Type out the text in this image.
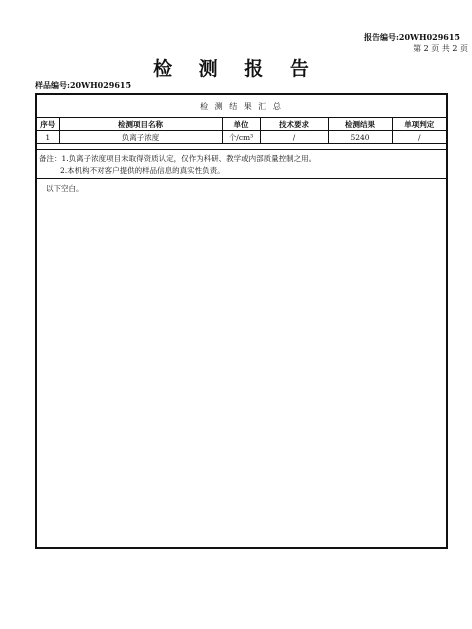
报告编号:20WH029615
第 2 页 共 2 页
检 测 报 告
样品编号:20WH029615
检 测 结 果 汇 总
序号	检测项目名称	单位	技术要求	检测结果	单项判定
1	负离子浓度	个/cm³	/	5240	/
备注：1.负离子浓度项目未取得资质认定，仅作为科研、教学或内部质量控制之用。
2.本机构不对客户提供的样品信息的真实性负责。
以下空白。
